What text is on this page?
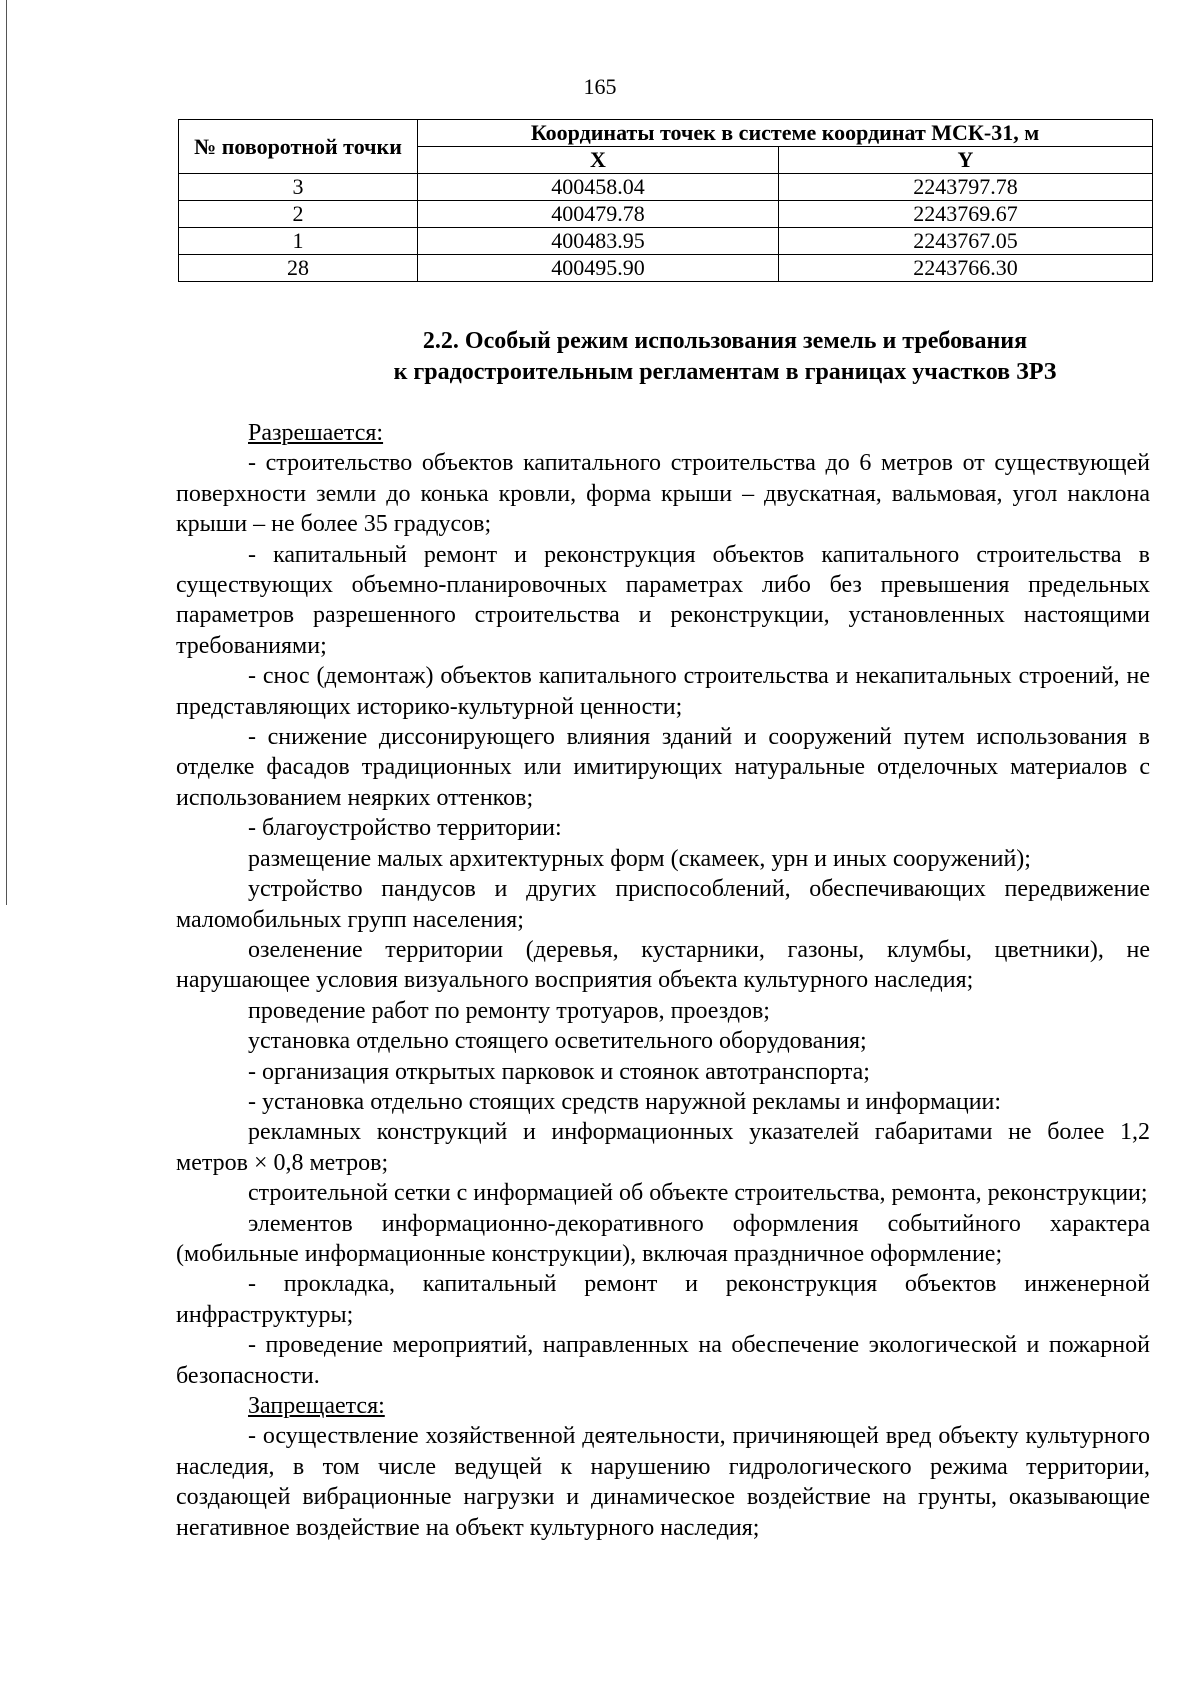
165
№ поворотной точки	Координаты точек в системе координат МСК-31, м	
	X	Y
3	400458.04	2243797.78
2	400479.78	2243769.67
1	400483.95	2243767.05
28	400495.90	2243766.30
2.2. Особый режим использования земель и требования
к градостроительным регламентам в границах участков ЗРЗ

Разрешается:

- строительство объектов капитального строительства до 6 метров от существующей поверхности земли до конька кровли, форма крыши – двускатная, вальмовая, угол наклона крыши – не более 35 градусов;

- капитальный ремонт и реконструкция объектов капитального строительства в существующих объемно-планировочных параметрах либо без превышения предельных параметров разрешенного строительства и реконструкции, установленных настоящими требованиями;

- снос (демонтаж) объектов капитального строительства и некапитальных строений, не представляющих историко-культурной ценности;

- снижение диссонирующего влияния зданий и сооружений путем использования в отделке фасадов традиционных или имитирующих натуральные отделочных материалов с использованием неярких оттенков;

- благоустройство территории:

размещение малых архитектурных форм (скамеек, урн и иных сооружений);

устройство пандусов и других приспособлений, обеспечивающих передвижение маломобильных групп населения;

озеленение территории (деревья, кустарники, газоны, клумбы, цветники), не нарушающее условия визуального восприятия объекта культурного наследия;

проведение работ по ремонту тротуаров, проездов;

установка отдельно стоящего осветительного оборудования;

- организация открытых парковок и стоянок автотранспорта;

- установка отдельно стоящих средств наружной рекламы и информации:

рекламных конструкций и информационных указателей габаритами не более 1,2 метров × 0,8 метров;

строительной сетки с информацией об объекте строительства, ремонта, реконструкции;

элементов информационно-декоративного оформления событийного характера (мобильные информационные конструкции), включая праздничное оформление;

- прокладка, капитальный ремонт и реконструкция объектов инженерной инфраструктуры;

- проведение мероприятий, направленных на обеспечение экологической и пожарной безопасности.

Запрещается:

- осуществление хозяйственной деятельности, причиняющей вред объекту культурного наследия, в том числе ведущей к нарушению гидрологического режима территории, создающей вибрационные нагрузки и динамическое воздействие на грунты, оказывающие негативное воздействие на объект культурного наследия;
